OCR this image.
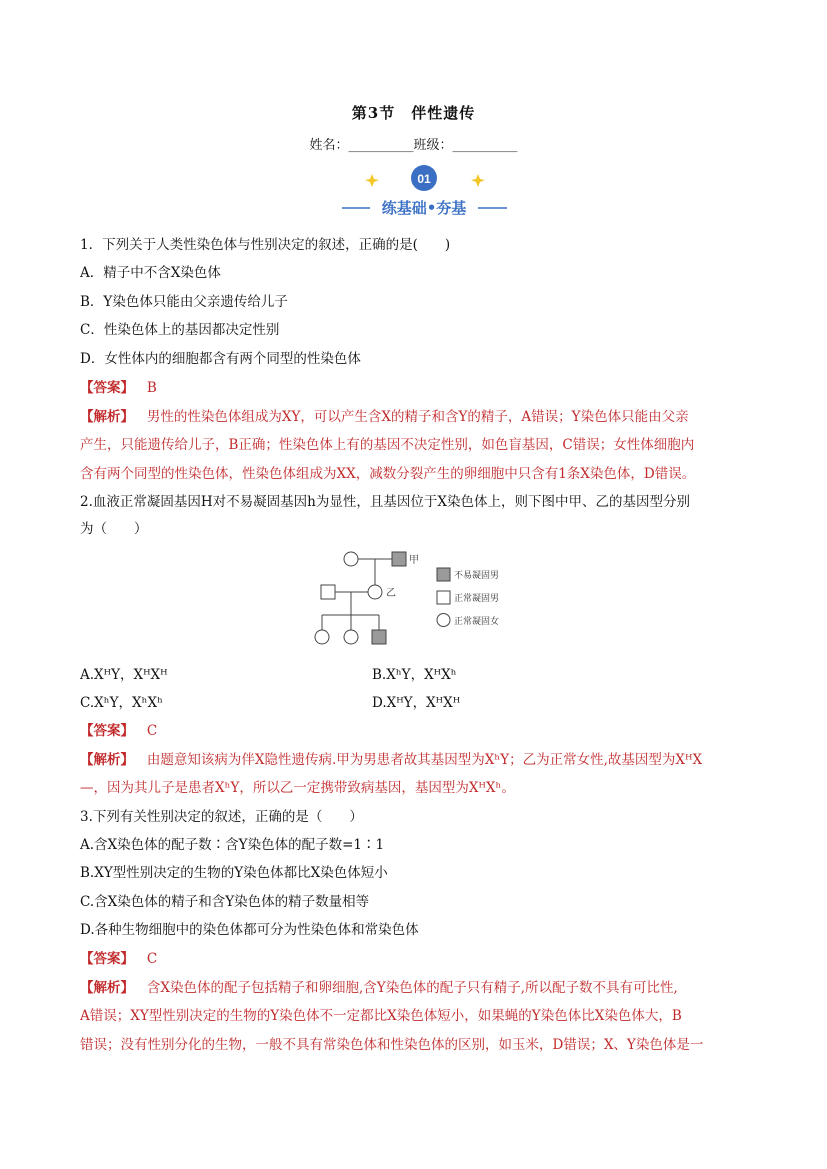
第3节　伴性遗传
姓名：__________班级：__________
01
练基础•夯基
1．下列关于人类性染色体与性别决定的叙述，正确的是(　　)
A．精子中不含X染色体
B．Y染色体只能由父亲遗传给儿子
C．性染色体上的基因都决定性别
D．女性体内的细胞都含有两个同型的性染色体
【答案】 B
【解析】 男性的性染色体组成为XY，可以产生含X的精子和含Y的精子，A错误；Y染色体只能由父亲
产生，只能遗传给儿子，B正确；性染色体上有的基因不决定性别，如色盲基因，C错误；女性体细胞内
含有两个同型的性染色体，性染色体组成为XX，减数分裂产生的卵细胞中只含有1条X染色体，D错误。
2.血液正常凝固基因H对不易凝固基因h为显性，且基因位于X染色体上，则下图中甲、乙的基因型分别
为（　　）
甲
乙
不易凝固男
正常凝固男
正常凝固女
A.XᴴY，XᴴXᴴ	B.XʰY，XᴴXʰ
C.XʰY，XʰXʰ	D.XᴴY，XᴴXᴴ
【答案】 C
【解析】 由题意知该病为伴X隐性遗传病.甲为男患者故其基因型为XʰY；乙为正常女性,故基因型为XᴴX
—，因为其儿子是患者XʰY，所以乙一定携带致病基因，基因型为XᴴXʰ。
3.下列有关性别决定的叙述，正确的是（　　）
A.含X染色体的配子数∶含Y染色体的配子数=1∶1
B.XY型性别决定的生物的Y染色体都比X染色体短小
C.含X染色体的精子和含Y染色体的精子数量相等
D.各种生物细胞中的染色体都可分为性染色体和常染色体
【答案】 C
【解析】 含X染色体的配子包括精子和卵细胞,含Y染色体的配子只有精子,所以配子数不具有可比性,
A错误；XY型性别决定的生物的Y染色体不一定都比X染色体短小，如果蝇的Y染色体比X染色体大，B
错误；没有性别分化的生物，一般不具有常染色体和性染色体的区别，如玉米，D错误；X、Y染色体是一
